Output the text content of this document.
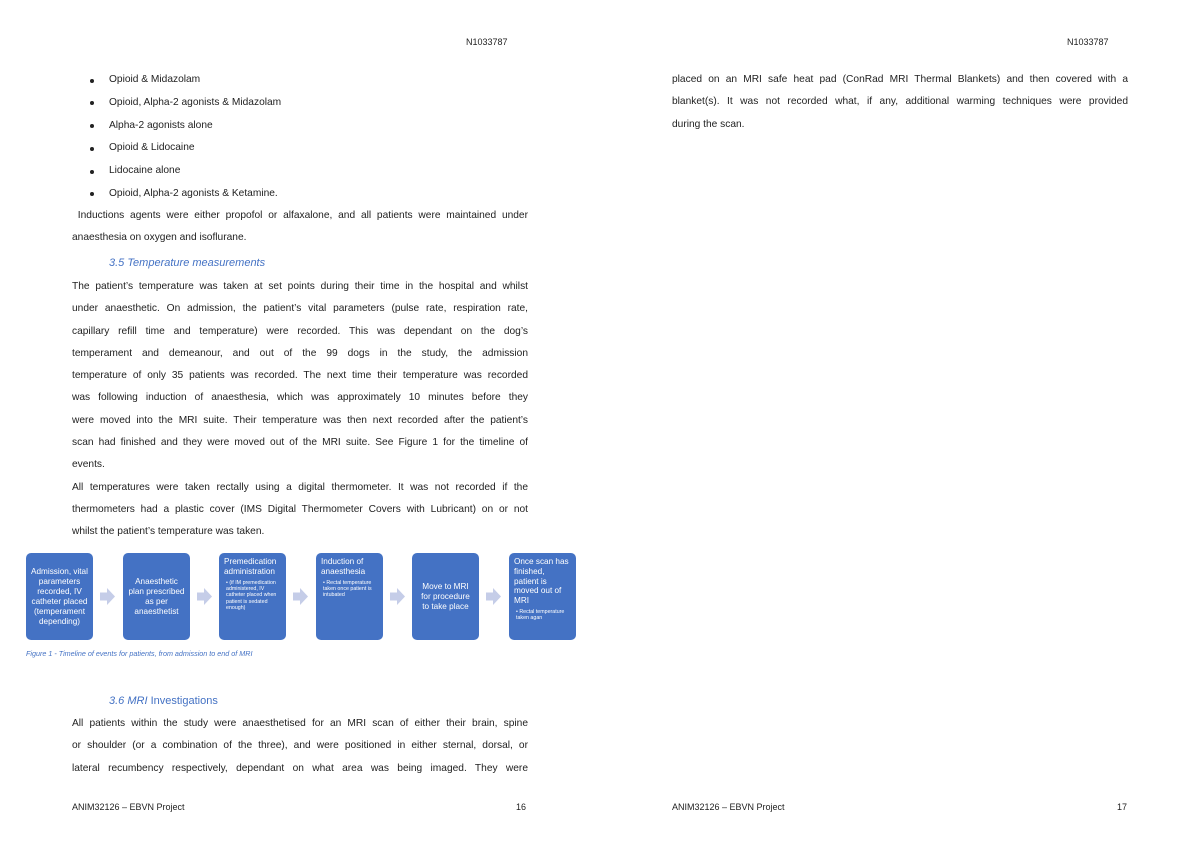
N1033787
Opioid & Midazolam
Opioid, Alpha-2 agonists & Midazolam
Alpha-2 agonists alone
Opioid & Lidocaine
Lidocaine alone
Opioid, Alpha-2 agonists & Ketamine.
Inductions agents were either propofol or alfaxalone, and all patients were maintained under
anaesthesia on oxygen and isoflurane.
3.5 Temperature measurements
The patient’s temperature was taken at set points during their time in the hospital and whilst
under anaesthetic. On admission, the patient’s vital parameters (pulse rate, respiration rate,
capillary refill time and temperature) were recorded. This was dependant on the dog’s
temperament and demeanour, and out of the 99 dogs in the study, the admission
temperature of only 35 patients was recorded. The next time their temperature was recorded
was following induction of anaesthesia, which was approximately 10 minutes before they
were moved into the MRI suite. Their temperature was then next recorded after the patient’s
scan had finished and they were moved out of the MRI suite. See Figure 1 for the timeline of
events.
All temperatures were taken rectally using a digital thermometer. It was not recorded if the
thermometers had a plastic cover (IMS Digital Thermometer Covers with Lubricant) on or not
whilst the patient’s temperature was taken.
Admission, vital parameters recorded, IV catheter placed (temperament depending)
Anaesthetic plan prescribed as per anaesthetist
Premedication administration
• (if IM premedication administered, IV catheter placed when patient is sedated enough)
Induction of anaesthesia
• Rectal temperature taken once patient is intubated
Move to MRI for procedure to take place
Once scan has finished, patient is moved out of MRI
• Rectal temperature taken agan
Figure 1 - Timeline of events for patients, from admission to end of MRI
3.6 MRI Investigations
All patients within the study were anaesthetised for an MRI scan of either their brain, spine
or shoulder (or a combination of the three), and were positioned in either sternal, dorsal, or
lateral recumbency respectively, dependant on what area was being imaged. They were
ANIM32126 – EBVN Project	16
N1033787
placed on an MRI safe heat pad (ConRad MRI Thermal Blankets) and then covered with a
blanket(s). It was not recorded what, if any, additional warming techniques were provided
during the scan.
ANIM32126 – EBVN Project	17
